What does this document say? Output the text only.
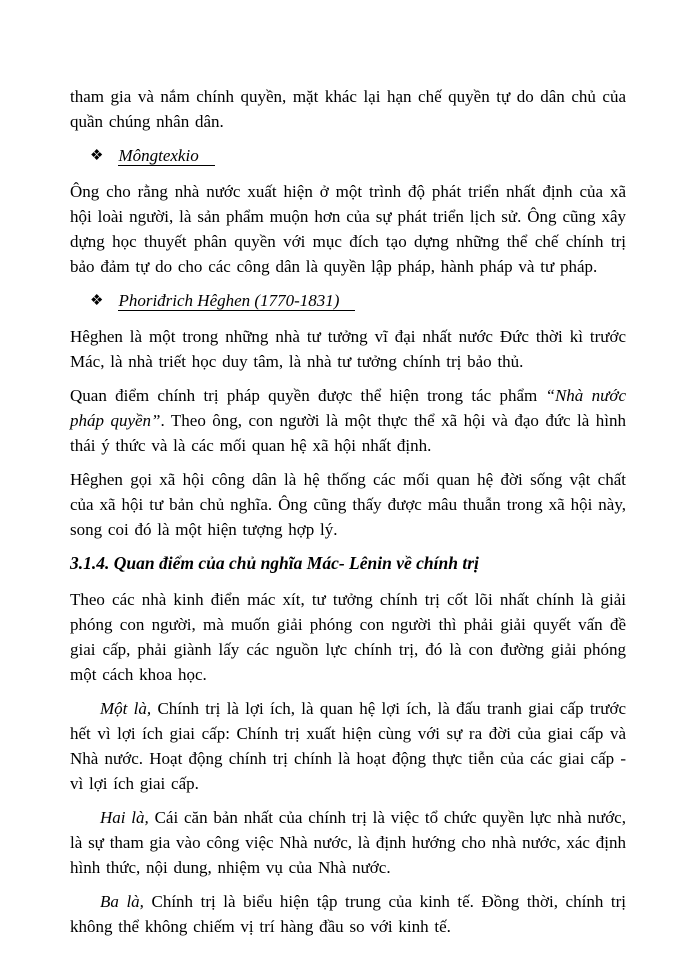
tham gia và nắm chính quyền, mặt khác lại hạn chế quyền tự do dân chủ của quần chúng nhân dân.

❖ Môngtexkio

Ông cho rằng nhà nước xuất hiện ở một trình độ phát triển nhất định của xã hội loài người, là sản phẩm muộn hơn của sự phát triển lịch sử. Ông cũng xây dựng học thuyết phân quyền với mục đích tạo dựng những thể chế chính trị bảo đảm tự do cho các công dân là quyền lập pháp, hành pháp và tư pháp.

❖ Phoriđrich Hêghen (1770-1831)

Hêghen là một trong những nhà tư tưởng vĩ đại nhất nước Đức thời kì trước Mác, là nhà triết học duy tâm, là nhà tư tưởng chính trị bảo thủ.

Quan điểm chính trị pháp quyền được thể hiện trong tác phẩm “Nhà nước pháp quyền”. Theo ông, con người là một thực thể xã hội và đạo đức là hình thái ý thức và là các mối quan hệ xã hội nhất định.

Hêghen gọi xã hội công dân là hệ thống các mối quan hệ đời sống vật chất của xã hội tư bản chủ nghĩa. Ông cũng thấy được mâu thuẫn trong xã hội này, song coi đó là một hiện tượng hợp lý.

3.1.4. Quan điểm của chủ nghĩa Mác- Lênin về chính trị

Theo các nhà kinh điển mác xít, tư tưởng chính trị cốt lõi nhất chính là giải phóng con người, mà muốn giải phóng con người thì phải giải quyết vấn đề giai cấp, phải giành lấy các nguồn lực chính trị, đó là con đường giải phóng một cách khoa học.

Một là, Chính trị là lợi ích, là quan hệ lợi ích, là đấu tranh giai cấp trước hết vì lợi ích giai cấp: Chính trị xuất hiện cùng với sự ra đời của giai cấp và Nhà nước. Hoạt động chính trị chính là hoạt động thực tiễn của các giai cấp - vì lợi ích giai cấp.

Hai là, Cái căn bản nhất của chính trị là việc tổ chức quyền lực nhà nước, là sự tham gia vào công việc Nhà nước, là định hướng cho nhà nước, xác định hình thức, nội dung, nhiệm vụ của Nhà nước.

Ba là, Chính trị là biểu hiện tập trung của kinh tế. Đồng thời, chính trị không thể không chiếm vị trí hàng đầu so với kinh tế.
